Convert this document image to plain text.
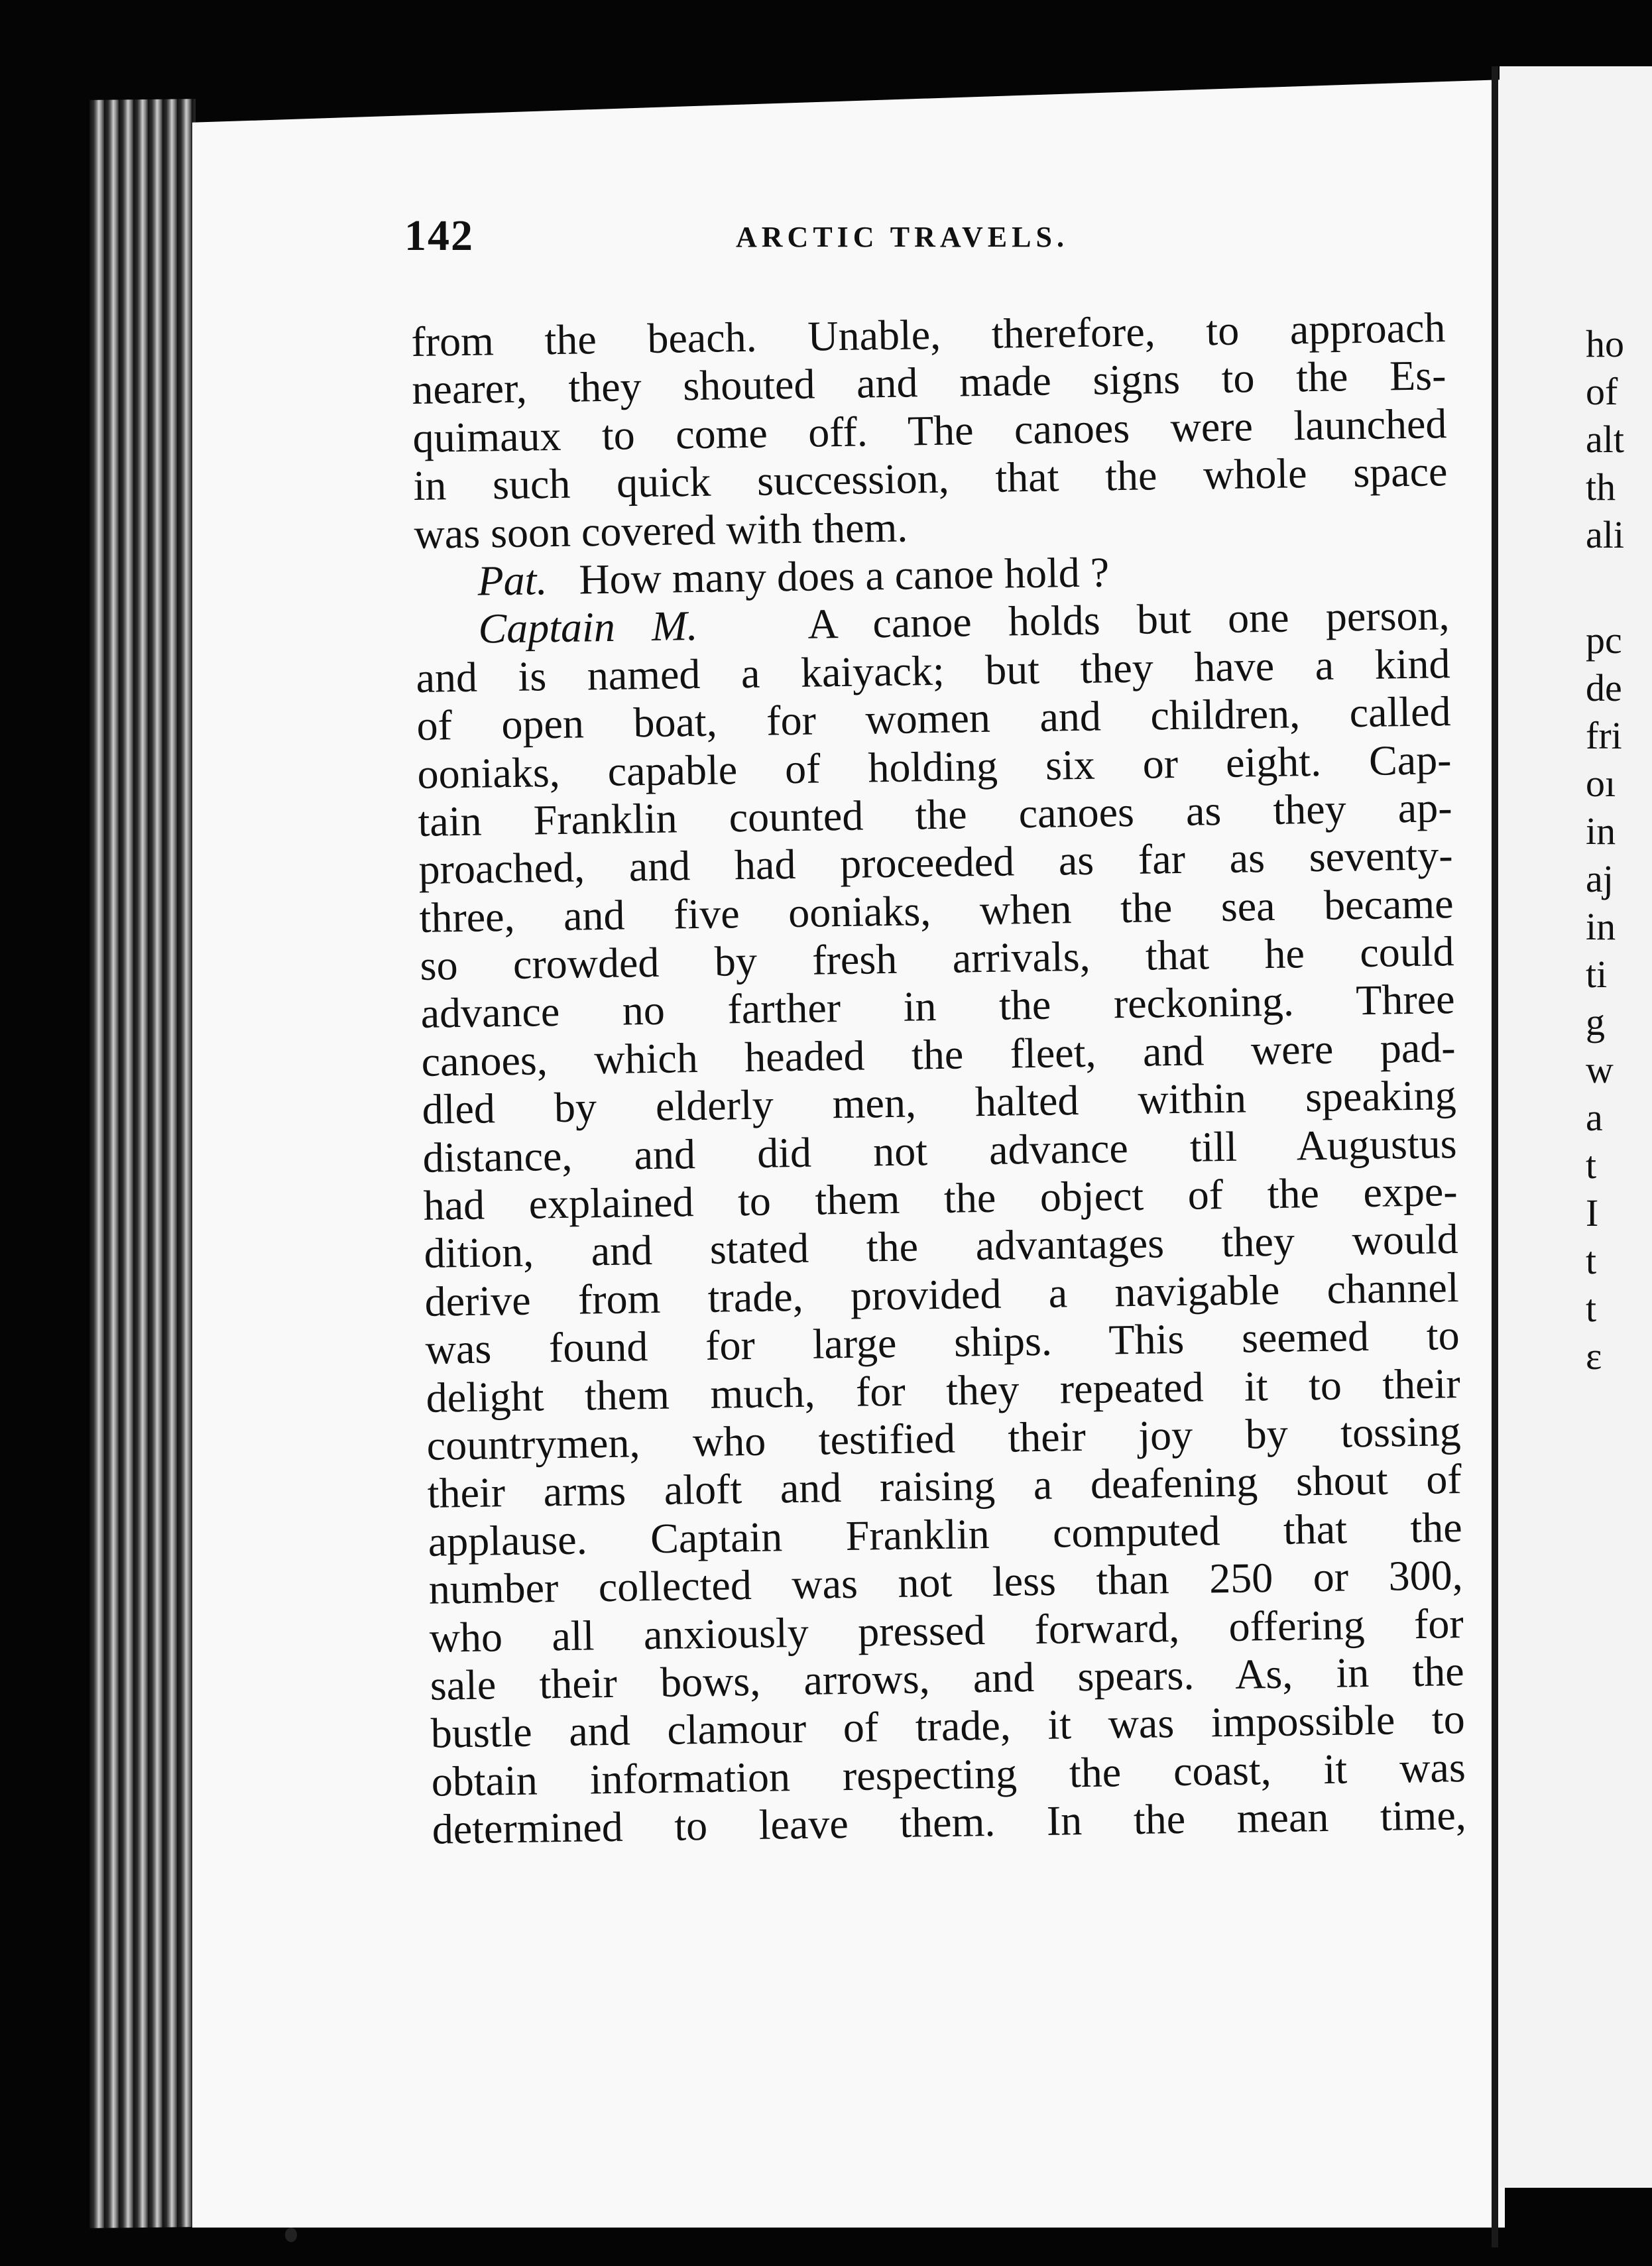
ho
of
alt
th
ali
pc
de
fri
oı
in
aj
in
ti
g
w
a
t
I
t
t
ε
142	ARCTIC TRAVELS.
from the beach. Unable, therefore, to approach
nearer, they shouted and made signs to the Es-
quimaux to come off. The canoes were launched
in such quick succession, that the whole space
was soon covered with them.
Pat. How many does a canoe hold ?
Captain M.	A canoe holds but one person,
and is named a kaiyack; but they have a kind
of open boat, for women and children, called
ooniaks, capable of holding six or eight. Cap-
tain Franklin counted the canoes as they ap-
proached, and had proceeded as far as seventy-
three, and five ooniaks, when the sea became
so crowded by fresh arrivals, that he could
advance no farther in the reckoning. Three
canoes, which headed the fleet, and were pad-
dled by elderly men, halted within speaking
distance, and did not advance till Augustus
had explained to them the object of the expe-
dition, and stated the advantages they would
derive from trade, provided a navigable channel
was found for large ships. This seemed to
delight them much, for they repeated it to their
countrymen, who testified their joy by tossing
their arms aloft and raising a deafening shout of
applause. Captain Franklin computed that the
number collected was not less than 250 or 300,
who all anxiously pressed forward, offering for
sale their bows, arrows, and spears. As, in the
bustle and clamour of trade, it was impossible to
obtain information respecting the coast, it was
determined to leave them. In the mean time,
